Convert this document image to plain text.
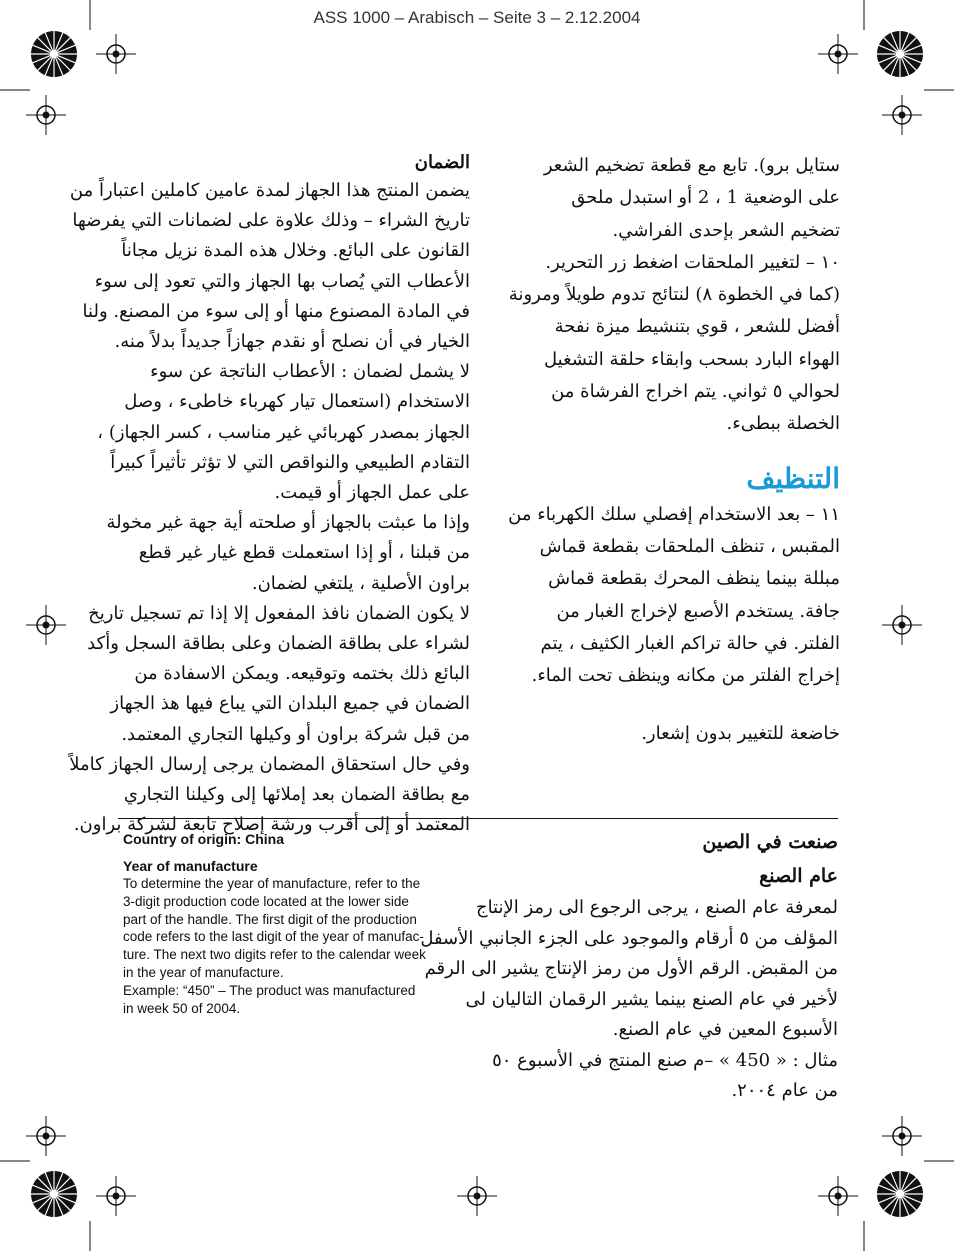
ASS 1000 – Arabisch – Seite 3 – 2.12.2004
ستايل برو). تابع مع قطعة تضخيم الشعر
على الوضعية 1 ، 2 أو استبدل ملحق
تضخيم الشعر بإحدى الفراشي.
١٠ – لتغيير الملحقات اضغط زر التحرير.
(كما في الخطوة ٨) لنتائج تدوم طويلاً ومرونة
أفضل للشعر ، قوي بتنشيط ميزة نفحة
الهواء البارد بسحب وابقاء حلقة التشغيل
لحوالي ٥ ثواني. يتم اخراج الفرشاة من
الخصلة ببطىء.
التنظيف
١١ – بعد الاستخدام إفصلي سلك الكهرباء من
المقبس ، تنظف الملحقات بقطعة قماش
مبللة بينما ينظف المحرك بقطعة قماش
جافة. يستخدم الأصبع لإخراج الغبار من
الفلتر. في حالة تراكم الغبار الكثيف ، يتم
إخراج الفلتر من مكانه وينظف تحت الماء.
خاضعة للتغيير بدون إشعار.
الضمان
يضمن المنتج هذا الجهاز لمدة عامين كاملين اعتباراً من
تاريخ الشراء – وذلك علاوة على لضمانات التي يفرضها
القانون على البائع. وخلال هذه المدة نزيل مجاناً
الأعطاب التي يُصاب بها الجهاز والتي تعود إلى سوء
في المادة المصنوع منها أو إلى سوء من المصنع. ولنا
الخيار في أن نصلح أو نقدم جهازاً جديداً بدلاً منه.
لا يشمل لضمان : الأعطاب الناتجة عن سوء
الاستخدام (استعمال تيار كهرباء خاطىء ، وصل
الجهاز بمصدر كهربائي غير مناسب ، كسر الجهاز) ،
التقادم الطبيعي والنواقص التي لا تؤثر تأثيراً كبيراً
على عمل الجهاز أو قيمت.
وإذا ما عبثت بالجهاز أو صلحته أية جهة غير مخولة
من قبلنا ، أو إذا استعملت قطع غيار غير قطع
براون الأصلية ، يلتغي لضمان.
لا يكون الضمان نافذ المفعول إلا إذا تم تسجيل تاريخ
لشراء على بطاقة الضمان وعلى بطاقة السجل وأكد
البائع ذلك بختمه وتوقيعه. ويمكن الاسفادة من
الضمان في جميع البلدان التي يباع فيها هذ الجهاز
من قبل شركة براون أو وكيلها التجاري المعتمد.
وفي حال استحقاق المضمان يرجى إرسال الجهاز كاملاً
مع بطاقة الضمان بعد إملائها إلى وكيلنا التجاري
المعتمد أو إلى أقرب ورشة إصلاح تابعة لشركة براون.
Country of origin: China
Year of manufacture
To determine the year of manufacture, refer to the
3-digit production code located at the lower side
part of the handle. The first digit of the production
code refers to the last digit of the year of manufac-
ture. The next two digits refer to the calendar week
in the year of manufacture.
Example: “450” – The product was manufactured
in week 50 of 2004.
صنعت في الصين
عام الصنع
لمعرفة عام الصنع ، يرجى الرجوع الى رمز الإنتاج
المؤلف من ٥ أرقام والموجود على الجزء الجانبي الأسفل
من المقبض. الرقم الأول من رمز الإنتاج يشير الى الرقم
لأخير في عام الصنع بينما يشير الرقمان التاليان لى
الأسبوع المعين في عام الصنع.
مثال : « 450 » –م صنع المنتج في الأسبوع ٥٠
من عام ٢٠٠٤.
